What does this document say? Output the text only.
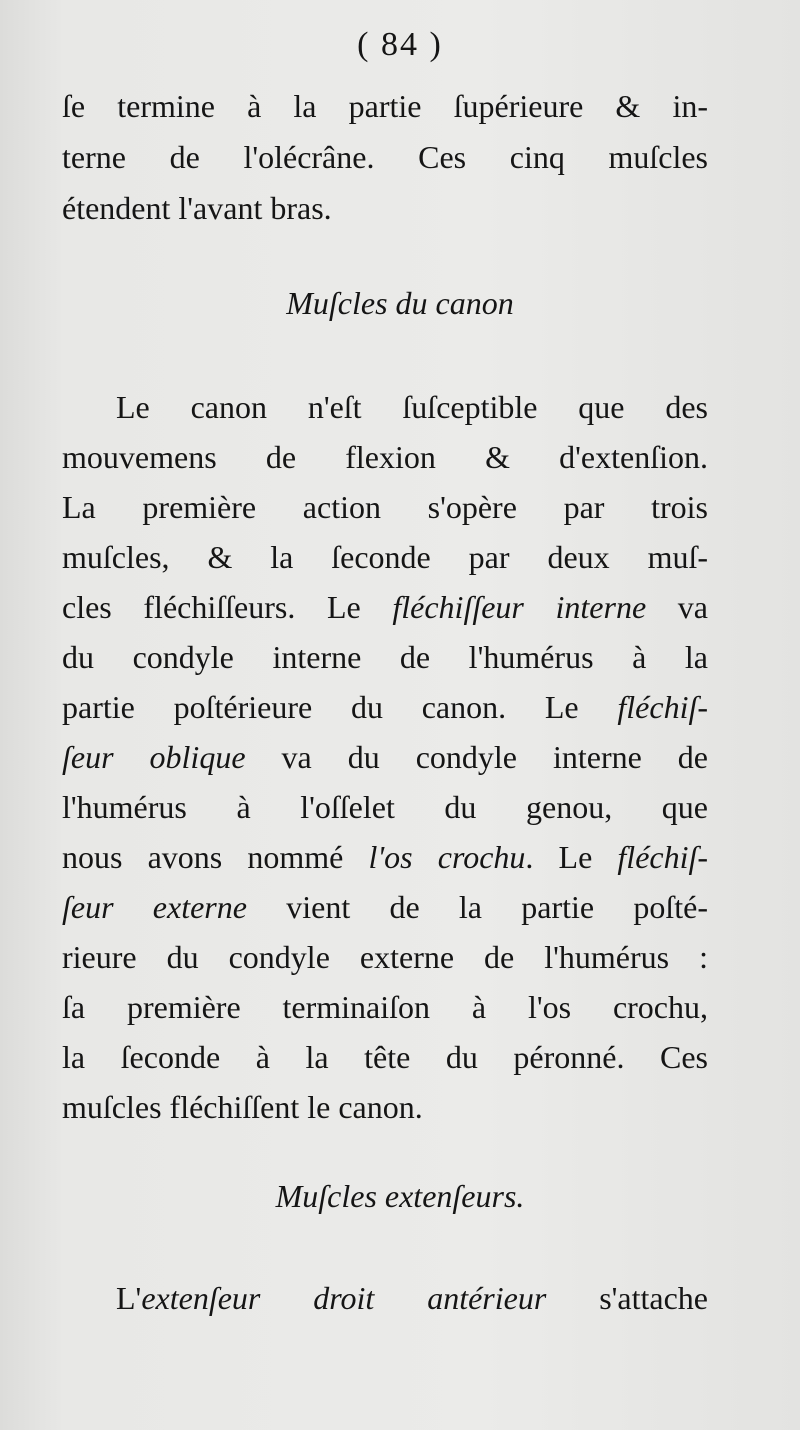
( 84 )
ſe termine à la partie ſupérieure & in-
terne de l'olécrâne. Ces cinq muſcles
étendent l'avant bras.
Muſcles du canon
Le canon n'eſt ſuſceptible que des
mouvemens de flexion & d'extenſion.
La première action s'opère par trois
muſcles, & la ſeconde par deux muſ-
cles fléchiſſeurs. Le fléchiſſeur interne va
du condyle interne de l'humérus à la
partie poſtérieure du canon. Le fléchiſ-
ſeur oblique va du condyle interne de
l'humérus à l'oſſelet du genou, que
nous avons nommé l'os crochu. Le fléchiſ-
ſeur externe vient de la partie poſté-
rieure du condyle externe de l'humérus :
ſa première terminaiſon à l'os crochu,
la ſeconde à la tête du péronné. Ces
muſcles fléchiſſent le canon.
Muſcles extenſeurs.
L'extenſeur droit antérieur s'attache
